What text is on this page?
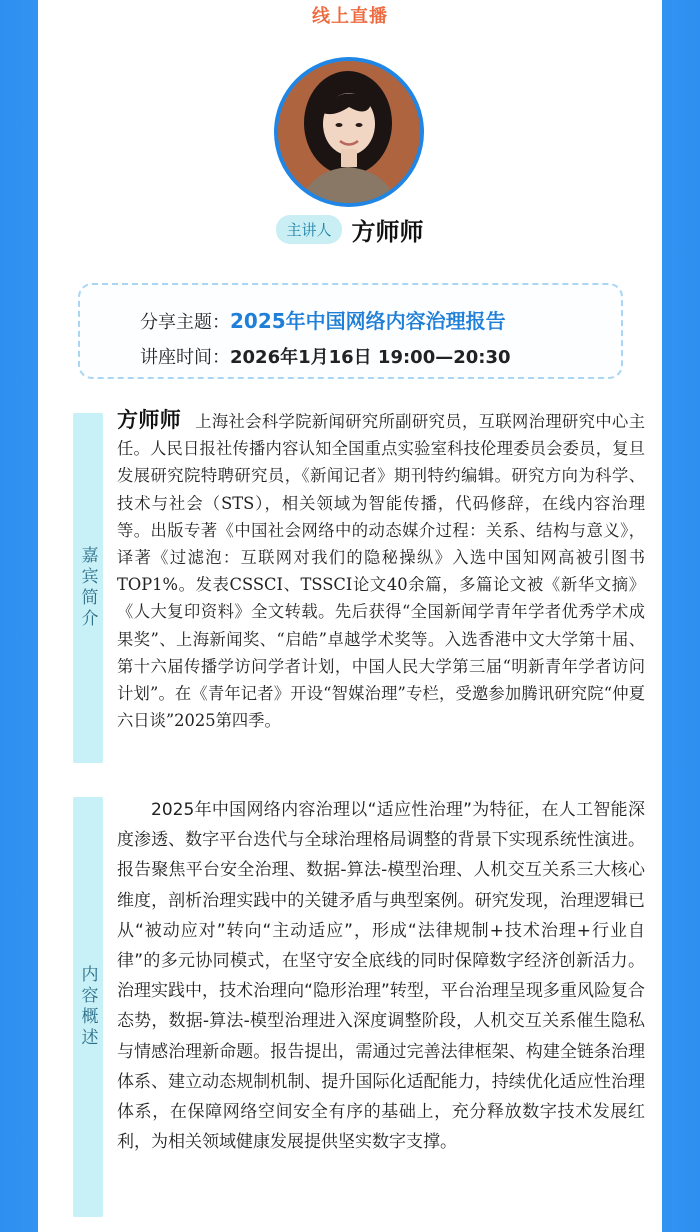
线上直播
主讲人 方师师
分享主题：2025年中国网络内容治理报告
讲座时间：2026年1月16日 19:00—20:30
嘉宾简介
方师师 上海社会科学院新闻研究所副研究员，互联网治理研究中心主任。人民日报社传播内容认知全国重点实验室科技伦理委员会委员，复旦发展研究院特聘研究员，《新闻记者》期刊特约编辑。研究方向为科学、技术与社会（STS），相关领域为智能传播，代码修辞，在线内容治理等。出版专著《中国社会网络中的动态媒介过程：关系、结构与意义》，译著《过滤泡：互联网对我们的隐秘操纵》入选中国知网高被引图书TOP1%。发表CSSCI、TSSCI论文40余篇，多篇论文被《新华文摘》《人大复印资料》全文转载。先后获得“全国新闻学青年学者优秀学术成果奖”、上海新闻奖、“启皓”卓越学术奖等。入选香港中文大学第十届、第十六届传播学访问学者计划，中国人民大学第三届“明新青年学者访问计划”。在《青年记者》开设“智媒治理”专栏，受邀参加腾讯研究院“仲夏六日谈”2025第四季。
内容概述
2025年中国网络内容治理以“适应性治理”为特征，在人工智能深度渗透、数字平台迭代与全球治理格局调整的背景下实现系统性演进。报告聚焦平台安全治理、数据-算法-模型治理、人机交互关系三大核心维度，剖析治理实践中的关键矛盾与典型案例。研究发现，治理逻辑已从“被动应对”转向“主动适应”，形成“法律规制+技术治理+行业自律”的多元协同模式，在坚守安全底线的同时保障数字经济创新活力。治理实践中，技术治理向“隐形治理”转型，平台治理呈现多重风险复合态势，数据-算法-模型治理进入深度调整阶段，人机交互关系催生隐私与情感治理新命题。报告提出，需通过完善法律框架、构建全链条治理体系、建立动态规制机制、提升国际化适配能力，持续优化适应性治理体系，在保障网络空间安全有序的基础上，充分释放数字技术发展红利，为相关领域健康发展提供坚实数字支撑。
